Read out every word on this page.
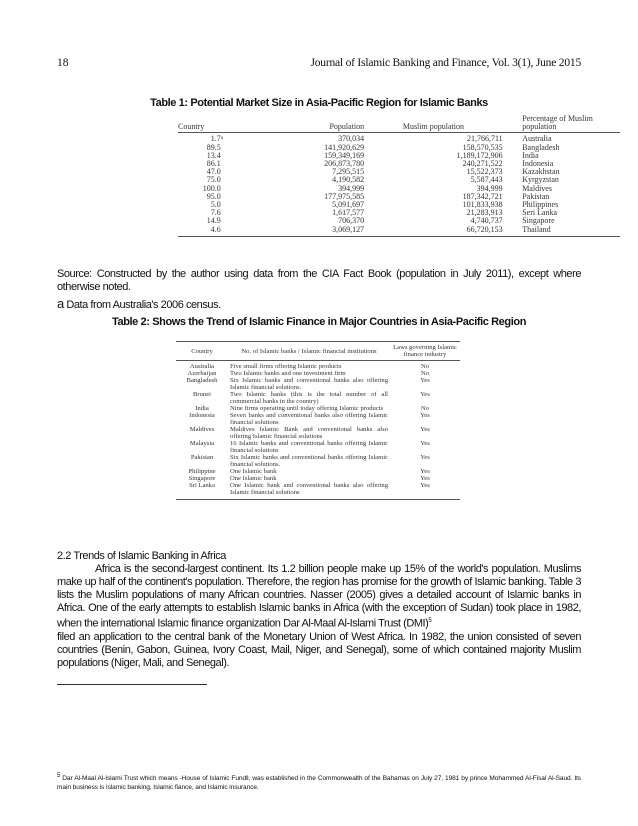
18	Journal of Islamic Banking and Finance, Vol. 3(1), June 2015
Table 1: Potential Market Size in Asia-Pacific Region for Islamic Banks
Country		Population	Muslim population		Percentage of Muslim population
1.7	a	370,034	21,766,711		Australia
89.5		141,920,629	158,570,535		Bangladesh
13.4		159,349,169	1,189,172,906		India
86.1		206,873,780	240,271,522		Indonesia
47.0		7,295,515	15,522,373		Kazakhstan
75.0		4,190,582	5,587,443		Kyrgyzstan
100.0		394,999	394,999		Maldives
95.0		177,975,585	187,342,721		Pakistan
5.0		5,091,697	101,833,938		Philippines
7.6		1,617,577	21,283,913		Seri Lanka
14.9		706,370	4,740,737		Singapore
4.6		3,069,127	66,720,153		Thailand
Source: Constructed by the author using data from the CIA Fact Book (population in July 2011), except where otherwise noted.
a Data from Australia's 2006 census.
Table 2: Shows the Trend of Islamic Finance in Major Countries in Asia-Pacific Region
Country	No. of Islamic banks / Islamic financial institutions	Laws governing Islamic finance industry
Australia	Five small firms offering Islamic products	No
Azerbaijan	Two Islamic banks and one investment firm	No
Bangladesh	Six Islamic banks and conventional banks also offering Islamic financial solutions.	Yes
Brunei	Two Islamic banks (this is the total number of all commercial banks in the country)	Yes
India	Nine firms operating until today offering Islamic products	No
Indonesia	Seven banks and conventional banks also offering Islamic financial solutions	Yes
Maldives	Maldives Islamic Bank and conventional banks also offering Islamic financial solutions	Yes
Malaysia	16 Islamic banks and conventional banks offering Islamic financial solutions	Yes
Pakistan	Six Islamic banks and conventional banks offering Islamic financial solutions.	Yes
Philippine	One Islamic bank	Yes
Singapore	One Islamic bank	Yes
Sri Lanka	One Islamic bank and conventional banks also offering Islamic financial solutions	Yes
2.2 Trends of Islamic Banking in Africa
Africa is the second-largest continent. Its 1.2 billion people make up 15% of the world's population. Muslims make up half of the continent's population. Therefore, the region has promise for the growth of Islamic banking. Table 3 lists the Muslim populations of many African countries. Nasser (2005) gives a detailed account of Islamic banks in Africa. One of the early attempts to establish Islamic banks in Africa (with the exception of Sudan) took place in 1982, when the international Islamic finance organization Dar Al-Maal Al-Islami Trust (DMI)$^5$
filed an application to the central bank of the Monetary Union of West Africa. In 1982, the union consisted of seven countries (Benin, Gabon, Guinea, Ivory Coast, Mail, Niger, and Senegal), some of which contained majority Muslim populations (Niger, Mali, and Senegal).
$^5$ Dar Al-Maal Al-Islami Trust which means -House of Islamic Fund‖, was established in the Commonwealth of the Bahamas on July 27, 1981 by prince Mohammed Al-Fisal Al-Saud. Its main business is Islamic banking, Islamic fiance, and Islamic insurance.
